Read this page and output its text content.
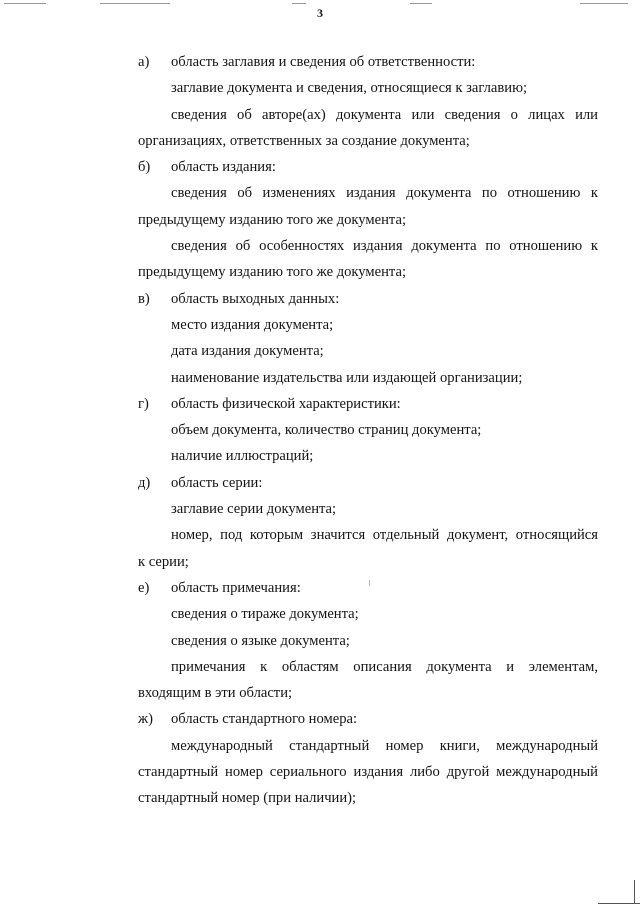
3
а) область заглавия и сведения об ответственности:
заглавие документа и сведения, относящиеся к заглавию;
сведения об авторе(ах) документа или сведения о лицах или
организациях, ответственных за создание документа;
б) область издания:
сведения об изменениях издания документа по отношению к
предыдущему изданию того же документа;
сведения об особенностях издания документа по отношению к
предыдущему изданию того же документа;
в) область выходных данных:
место издания документа;
дата издания документа;
наименование издательства или издающей организации;
г) область физической характеристики:
объем документа, количество страниц документа;
наличие иллюстраций;
д) область серии:
заглавие серии документа;
номер, под которым значится отдельный документ, относящийся
к серии;
е) область примечания:
сведения о тираже документа;
сведения о языке документа;
примечания к областям описания документа и элементам,
входящим в эти области;
ж) область стандартного номера:
международный стандартный номер книги, международный
стандартный номер сериального издания либо другой международный
стандартный номер (при наличии);
/
